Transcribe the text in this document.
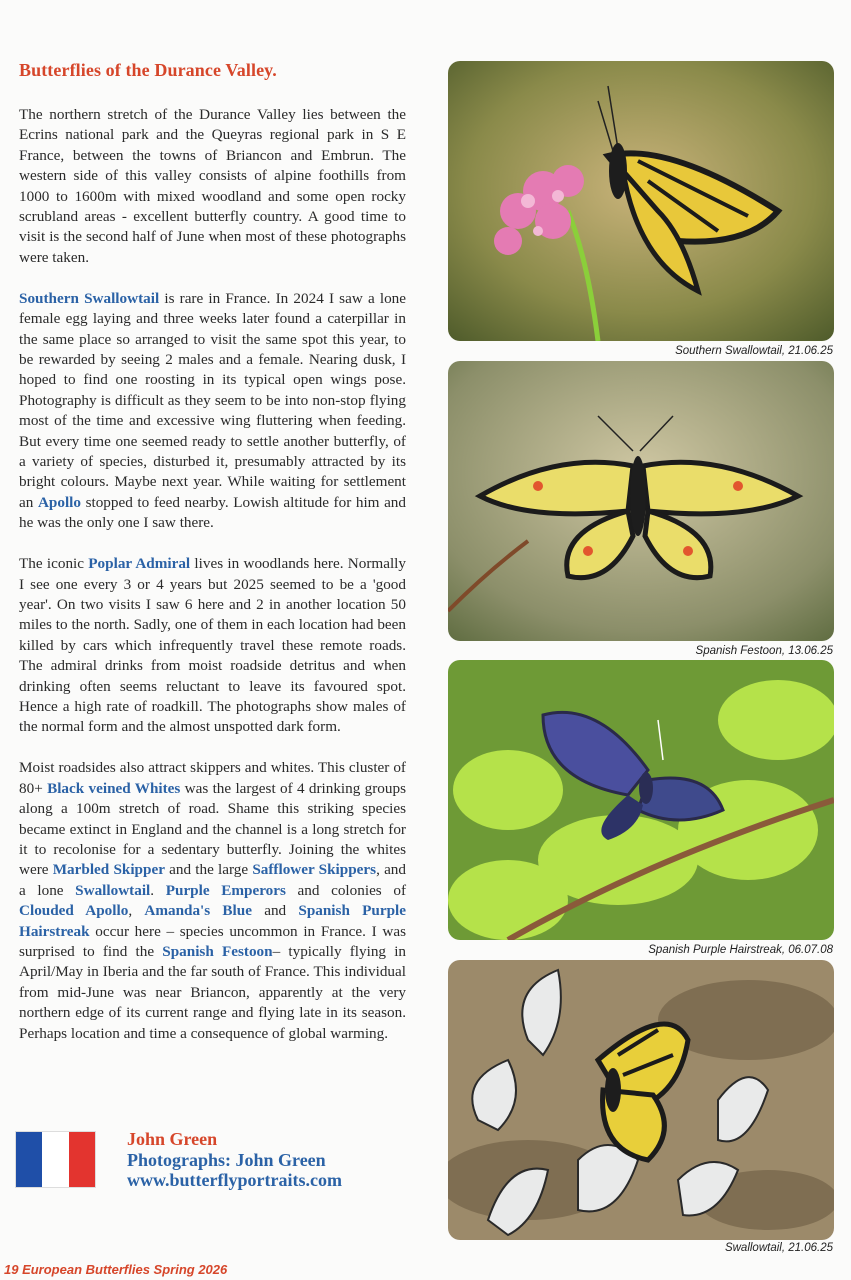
Butterflies of the Durance Valley.

The northern stretch of the Durance Valley lies between the Ecrins national park and the Queyras regional park in S E France, between the towns of Briancon and Embrun. The western side of this valley consists of alpine foothills from 1000 to 1600m with mixed woodland and some open rocky scrubland areas - excellent butterfly country. A good time to visit is the second half of June when most of these photographs were taken.

Southern Swallowtail is rare in France. In 2024 I saw a lone female egg laying and three weeks later found a caterpillar in the same place so arranged to visit the same spot this year, to be rewarded by seeing 2 males and a female. Nearing dusk, I hoped to find one roosting in its typical open wings pose. Photography is difficult as they seem to be into non-stop flying most of the time and excessive wing fluttering when feeding. But every time one seemed ready to settle another butterfly, of a variety of species, disturbed it, presumably attracted by its bright colours. Maybe next year. While waiting for settlement an Apollo stopped to feed nearby. Lowish altitude for him and he was the only one I saw there.

The iconic Poplar Admiral lives in woodlands here. Normally I see one every 3 or 4 years but 2025 seemed to be a 'good year'. On two visits I saw 6 here and 2 in another location 50 miles to the north. Sadly, one of them in each location had been killed by cars which infrequently travel these remote roads. The admiral drinks from moist roadside detritus and when drinking often seems reluctant to leave its favoured spot. Hence a high rate of roadkill. The photographs show males of the normal form and the almost unspotted dark form.

Moist roadsides also attract skippers and whites. This cluster of 80+ Black veined Whites was the largest of 4 drinking groups along a 100m stretch of road. Shame this striking species became extinct in England and the channel is a long stretch for it to recolonise for a sedentary butterfly. Joining the whites were Marbled Skipper and the large Safflower Skippers, and a lone Swallowtail. Purple Emperors and colonies of Clouded Apollo, Amanda's Blue and Spanish Purple Hairstreak occur here – species uncommon in France. I was surprised to find the Spanish Festoon– typically flying in April/May in Iberia and the far south of France. This individual from mid-June was near Briancon, apparently at the very northern edge of its current range and flying late in its season. Perhaps location and time a consequence of global warming.

John Green
Photographs: John Green
www.butterflyportraits.com
19 European Butterflies Spring 2026
Southern Swallowtail, 21.06.25
Spanish Festoon, 13.06.25
Spanish Purple Hairstreak, 06.07.08
Swallowtail, 21.06.25
